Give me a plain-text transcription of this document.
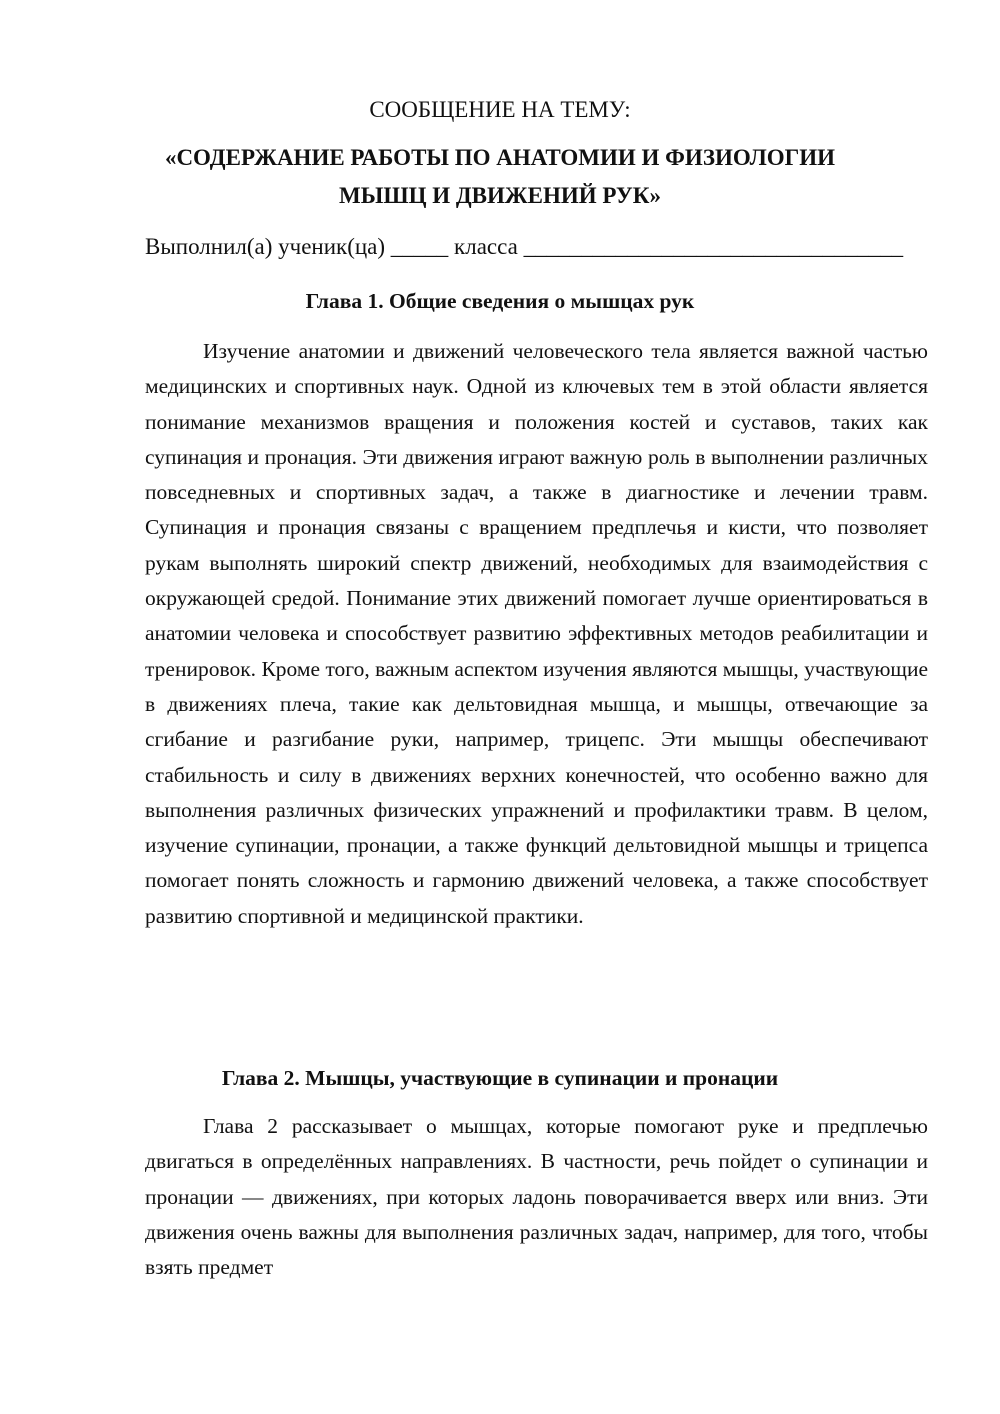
СООБЩЕНИЕ НА ТЕМУ:
«СОДЕРЖАНИЕ РАБОТЫ ПО АНАТОМИИ И ФИЗИОЛОГИИ
МЫШЦ И ДВИЖЕНИЙ РУК»
Выполнил(а) ученик(ца) _____ класса _________________________________
Глава 1. Общие сведения о мышцах рук

Изучение анатомии и движений человеческого тела является важной частью медицинских и спортивных наук. Одной из ключевых тем в этой области является понимание механизмов вращения и положения костей и суставов, таких как супинация и пронация. Эти движения играют важную роль в выполнении различных повседневных и спортивных задач, а также в диагностике и лечении травм. Супинация и пронация связаны с вращением предплечья и кисти, что позволяет рукам выполнять широкий спектр движений, необходимых для взаимодействия с окружающей средой. Понимание этих движений помогает лучше ориентироваться в анатомии человека и способствует развитию эффективных методов реабилитации и тренировок. Кроме того, важным аспектом изучения являются мышцы, участвующие в движениях плеча, такие как дельтовидная мышца, и мышцы, отвечающие за сгибание и разгибание руки, например, трицепс. Эти мышцы обеспечивают стабильность и силу в движениях верхних конечностей, что особенно важно для выполнения различных физических упражнений и профилактики травм. В целом, изучение супинации, пронации, а также функций дельтовидной мышцы и трицепса помогает понять сложность и гармонию движений человека, а также способствует развитию спортивной и медицинской практики.

Глава 2. Мышцы, участвующие в супинации и пронации

Глава 2 рассказывает о мышцах, которые помогают руке и предплечью двигаться в определённых направлениях. В частности, речь пойдет о супинации и пронации — движениях, при которых ладонь поворачивается вверх или вниз. Эти движения очень важны для выполнения различных задач, например, для того, чтобы взять предмет
